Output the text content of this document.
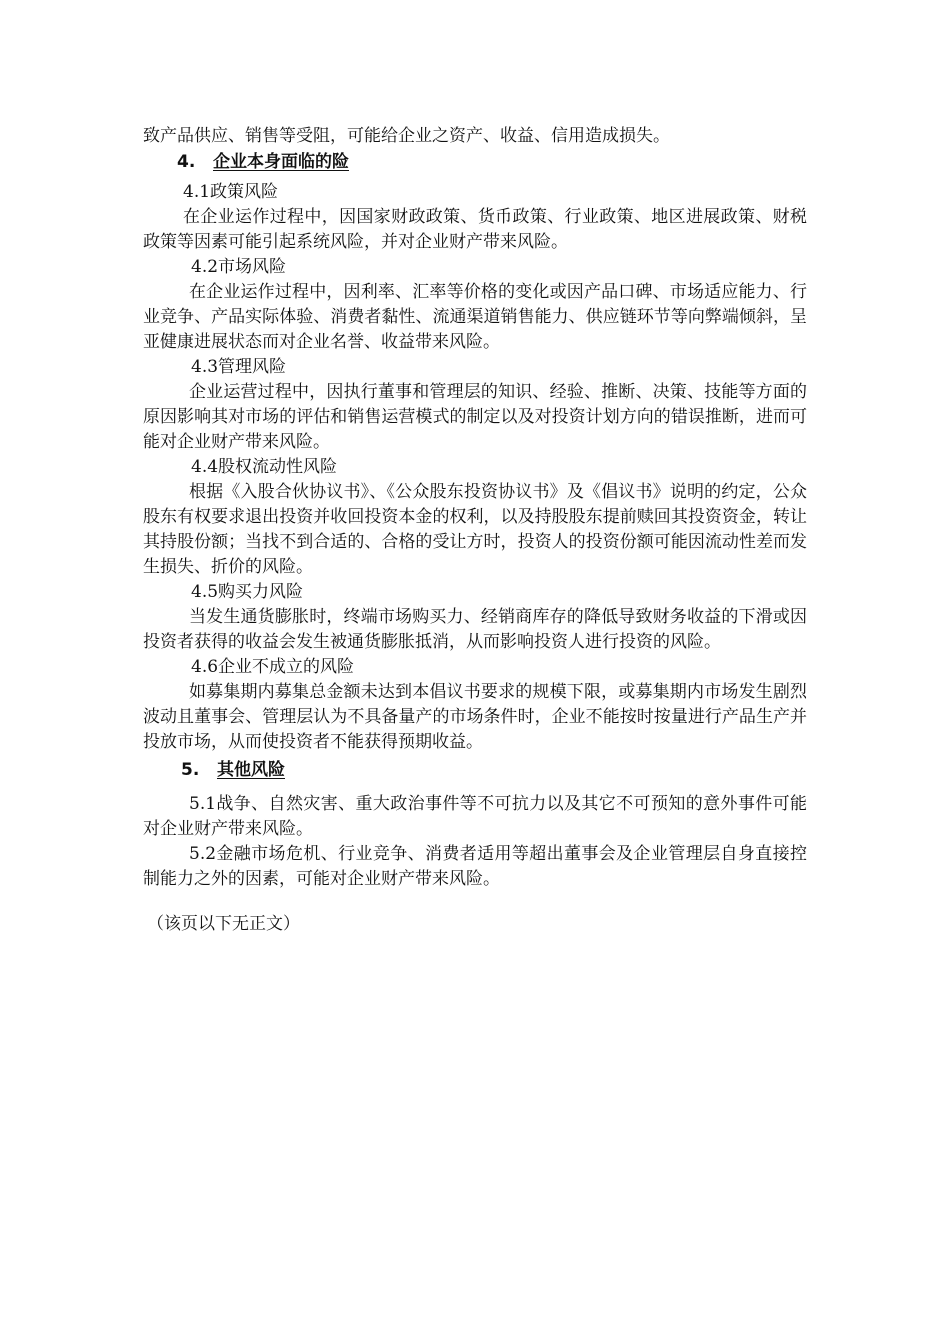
致产品供应、销售等受阻，可能给企业之资产、收益、信用造成损失。

4.	企业本身面临的险

4.1政策风险

在企业运作过程中，因国家财政政策、货币政策、行业政策、地区进展政策、财税政策等因素可能引起系统风险，并对企业财产带来风险。

4.2市场风险

在企业运作过程中，因利率、汇率等价格的变化或因产品口碑、市场适应能力、行业竞争、产品实际体验、消费者黏性、流通渠道销售能力、供应链环节等向弊端倾斜，呈亚健康进展状态而对企业名誉、收益带来风险。

4.3管理风险

企业运营过程中，因执行董事和管理层的知识、经验、推断、决策、技能等方面的原因影响其对市场的评估和销售运营模式的制定以及对投资计划方向的错误推断，进而可能对企业财产带来风险。

4.4股权流动性风险

根据《入股合伙协议书》、《公众股东投资协议书》及《倡议书》说明的约定，公众股东有权要求退出投资并收回投资本金的权利，以及持股股东提前赎回其投资资金，转让其持股份额；当找不到合适的、合格的受让方时，投资人的投资份额可能因流动性差而发生损失、折价的风险。

4.5购买力风险

当发生通货膨胀时，终端市场购买力、经销商库存的降低导致财务收益的下滑或因投资者获得的收益会发生被通货膨胀抵消，从而影响投资人进行投资的风险。

4.6企业不成立的风险

如募集期内募集总金额未达到本倡议书要求的规模下限，或募集期内市场发生剧烈波动且董事会、管理层认为不具备量产的市场条件时，企业不能按时按量进行产品生产并投放市场，从而使投资者不能获得预期收益。

5.	其他风险

5.1战争、自然灾害、重大政治事件等不可抗力以及其它不可预知的意外事件可能对企业财产带来风险。

5.2金融市场危机、行业竞争、消费者适用等超出董事会及企业管理层自身直接控制能力之外的因素，可能对企业财产带来风险。

（该页以下无正文）
